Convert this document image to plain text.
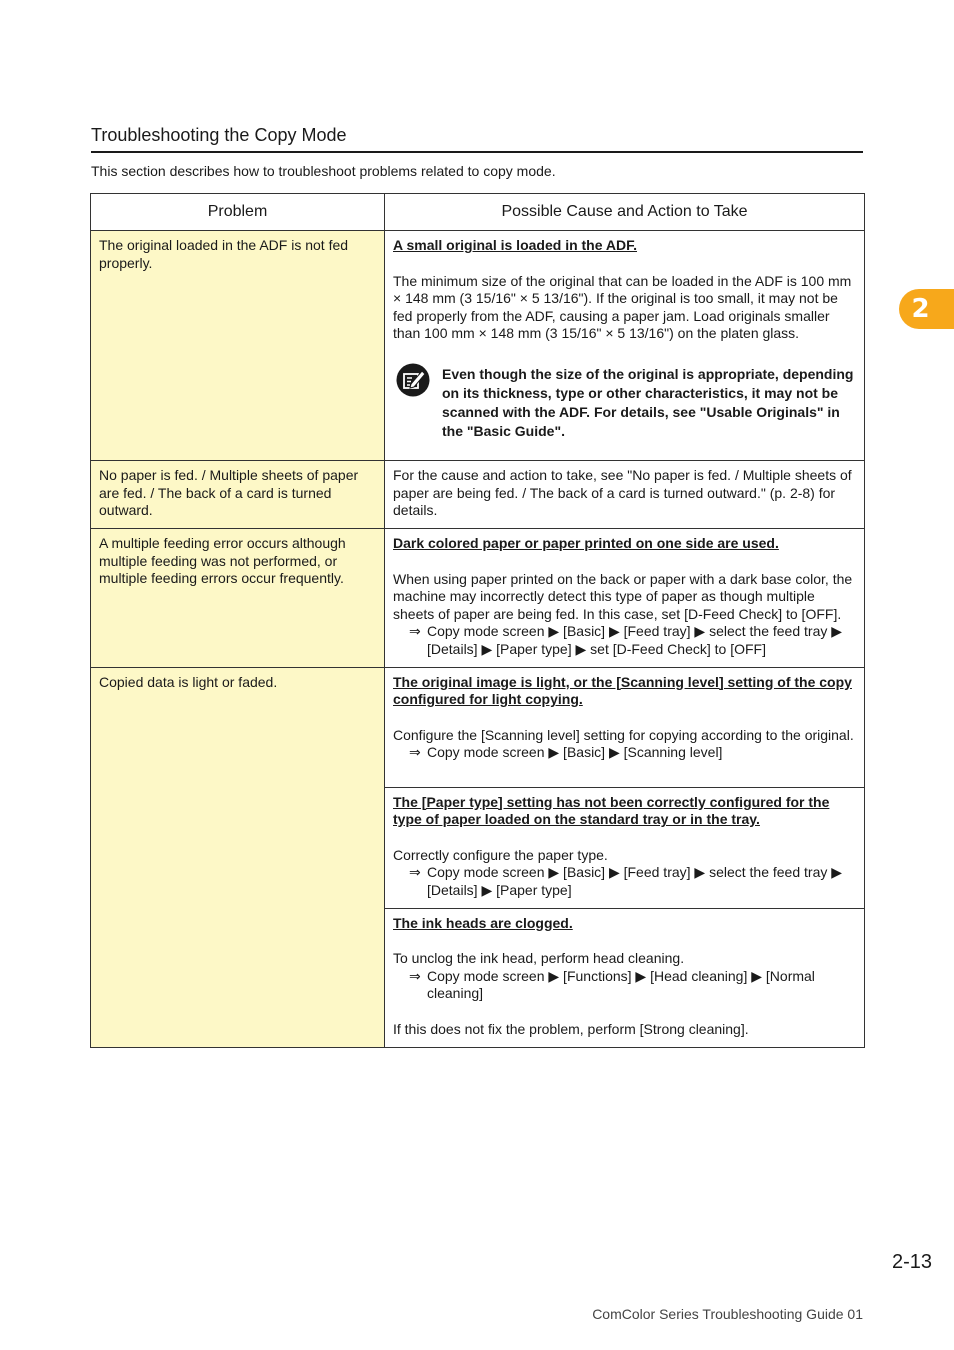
Troubleshooting the Copy Mode

This section describes how to troubleshoot problems related to copy mode.

2
Problem	Possible Cause and Action to Take
The original loaded in the ADF is not fed properly.	A small original is loaded in the ADF.

The minimum size of the original that can be loaded in the ADF is 100 mm × 148 mm (3 15/16" × 5 13/16"). If the original is too small, it may not be fed properly from the ADF, causing a paper jam. Load originals smaller than 100 mm × 148 mm (3 15/16" × 5 13/16") on the platen glass.

Even though the size of the original is appropriate, depending on its thickness, type or other characteristics, it may not be scanned with the ADF. For details, see "Usable Originals" in the "Basic Guide".

No paper is fed. / Multiple sheets of paper are fed. / The back of a card is turned outward.	For the cause and action to take, see "No paper is fed. / Multiple sheets of paper are being fed. / The back of a card is turned outward." (p. 2-8) for details.

A multiple feeding error occurs although multiple feeding was not performed, or multiple feeding errors occur frequently.	Dark colored paper or paper printed on one side are used.

When using paper printed on the back or paper with a dark base color, the machine may incorrectly detect this type of paper as though multiple sheets of paper are being fed. In this case, set [D-Feed Check] to [OFF].

⇒ Copy mode screen ▶ [Basic] ▶ [Feed tray] ▶ select the feed tray ▶ [Details] ▶ [Paper type] ▶ set [D-Feed Check] to [OFF]

Copied data is light or faded.	The original image is light, or the [Scanning level] setting of the copy configured for light copying.

Configure the [Scanning level] setting for copying according to the original.

⇒ Copy mode screen ▶ [Basic] ▶ [Scanning level]

	The [Paper type] setting has not been correctly configured for the type of paper loaded on the standard tray or in the tray.

Correctly configure the paper type.

⇒ Copy mode screen ▶ [Basic] ▶ [Feed tray] ▶ select the feed tray ▶ [Details] ▶ [Paper type]

	The ink heads are clogged.

To unclog the ink head, perform head cleaning.

⇒ Copy mode screen ▶ [Functions] ▶ [Head cleaning] ▶ [Normal cleaning]

If this does not fix the problem, perform [Strong cleaning].

2-13
ComColor Series Troubleshooting Guide 01
